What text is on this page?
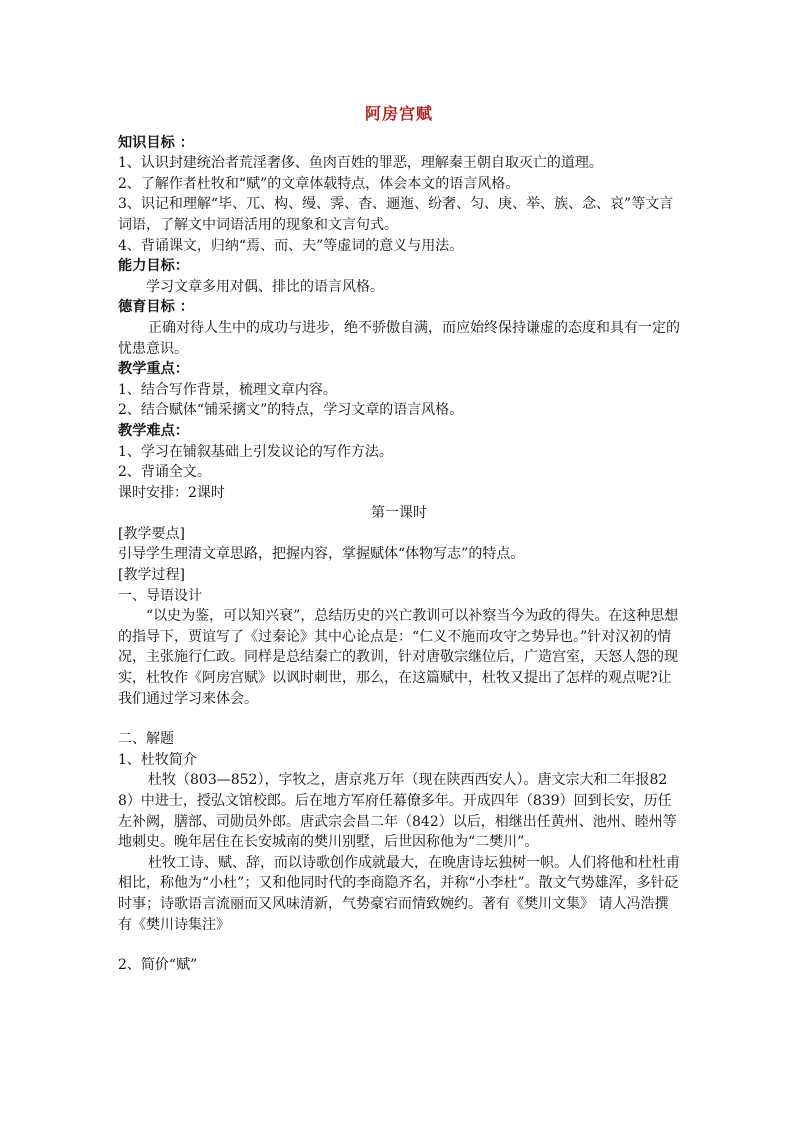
阿房宫赋
知识目标 ：

1、认识封建统治者荒淫奢侈、鱼肉百姓的罪恶，理解秦王朝自取灭亡的道理。

2、了解作者杜牧和“赋”的文章体载特点，体会本文的语言风格。

3、识记和理解“毕、兀、构、缦、霁、杳、逦迤、纷奢、匀、庚、举、族、念、哀”等文言词语，了解文中词语活用的现象和文言句式。

4、背诵课文，归纳“焉、而、夫”等虚词的意义与用法。

能力目标：

学习文章多用对偶、排比的语言风格。

德育目标 ：

正确对待人生中的成功与进步，绝不骄傲自满，而应始终保持谦虚的态度和具有一定的忧患意识。

教学重点：

1、结合写作背景，梳理文章内容。

2、结合赋体“铺采摛文”的特点，学习文章的语言风格。

教学难点：

1、学习在铺叙基础上引发议论的写作方法。

2、背诵全文。

课时安排：2课时

第一课时

[教学要点]

引导学生理清文章思路，把握内容，掌握赋体“体物写志”的特点。

[教学过程]

一、导语设计

“以史为鉴，可以知兴衰”，总结历史的兴亡教训可以补察当今为政的得失。在这种思想的指导下，贾谊写了《过秦论》其中心论点是：“仁义不施而攻守之势异也。”针对汉初的情况，主张施行仁政。同样是总结秦亡的教训，针对唐敬宗继位后，广造宫室，天怒人怨的现实，杜牧作《阿房宫赋》以讽时刺世，那么，在这篇赋中，杜牧又提出了怎样的观点呢?让我们通过学习来体会。

二、解题

1、杜牧简介

杜牧（803—852），字牧之，唐京兆万年（现在陕西西安人）。唐文宗大和二年报828）中进士，授弘文馆校郎。后在地方军府任幕僚多年。开成四年（839）回到长安，历任左补阙，膳部、司勋员外郎。唐武宗会昌二年（842）以后，相继出任黄州、池州、睦州等地刺史。晚年居住在长安城南的樊川别墅，后世因称他为“二樊川”。

杜牧工诗、赋、辞，而以诗歌创作成就最大，在晚唐诗坛独树一帜。人们将他和杜杜甫相比，称他为“小杜”；又和他同时代的李商隐齐名，并称“小李杜”。散文气势雄浑，多针砭时事；诗歌语言流丽而又风味清新，气势豪宕而情致婉约。著有《樊川文集》 请人冯浩撰有《樊川诗集注》

2、简价“赋”
